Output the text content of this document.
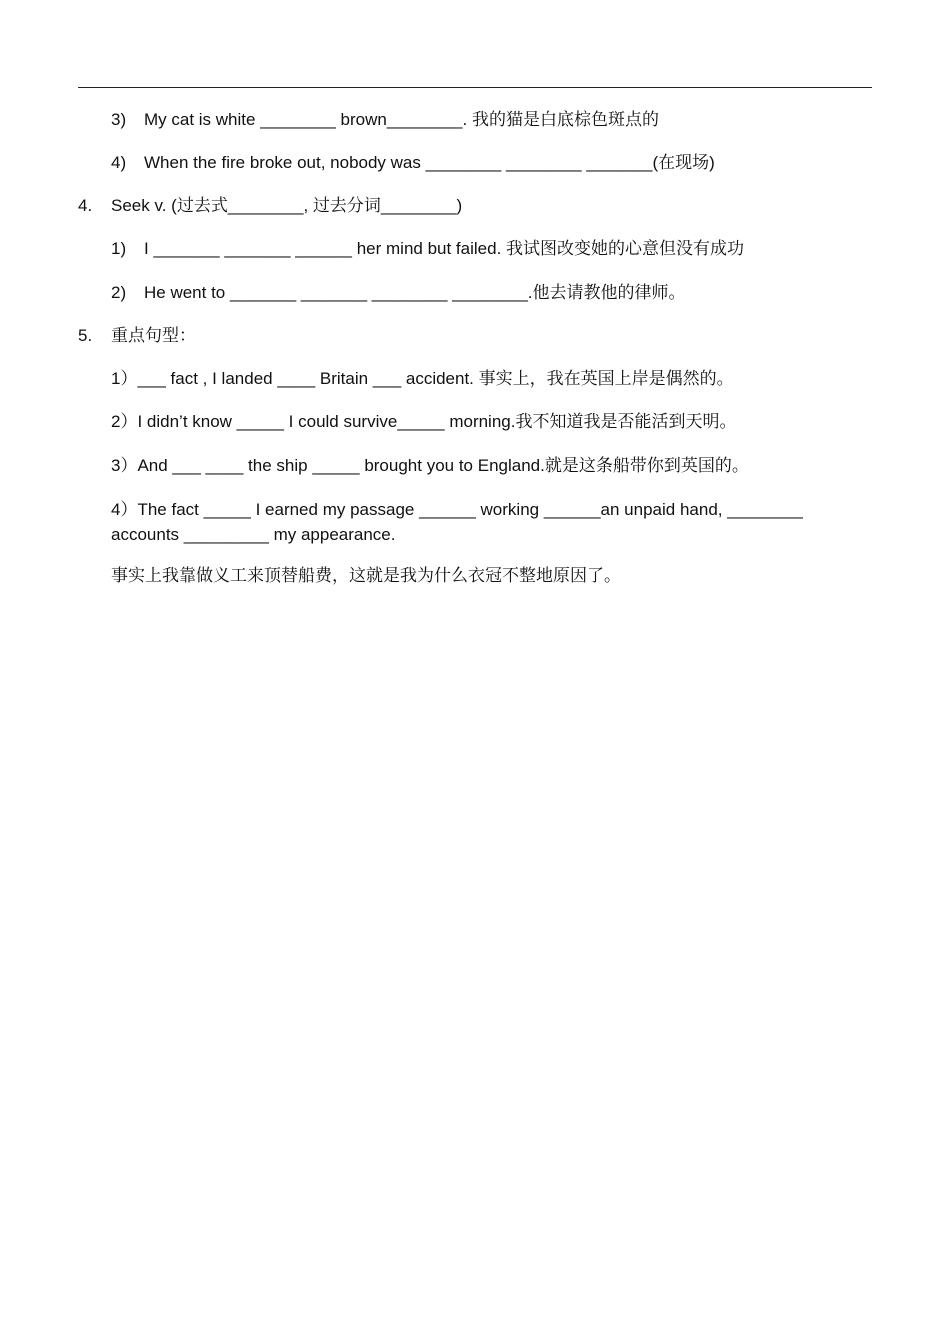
3) My cat is white ________ brown________. 我的猫是白底棕色斑点的
4) When the fire broke out, nobody was ________ ________ _______(在现场)
4. Seek v. (过去式________, 过去分词________)
1) I _______ _______ ______ her mind but failed. 我试图改变她的心意但没有成功
2) He went to _______ _______ ________ ________.他去请教他的律师。
5. 重点句型：
1）___ fact , I landed ____ Britain ___ accident. 事实上，我在英国上岸是偶然的。
2）I didn’t know _____ I could survive_____ morning.我不知道我是否能活到天明。
3）And ___ ____ the ship _____ brought you to England.就是这条船带你到英国的。
4）The fact _____ I earned my passage ______ working ______an unpaid hand, ________ accounts _________ my appearance.
事实上我靠做义工来顶替船费，这就是我为什么衣冠不整地原因了。
